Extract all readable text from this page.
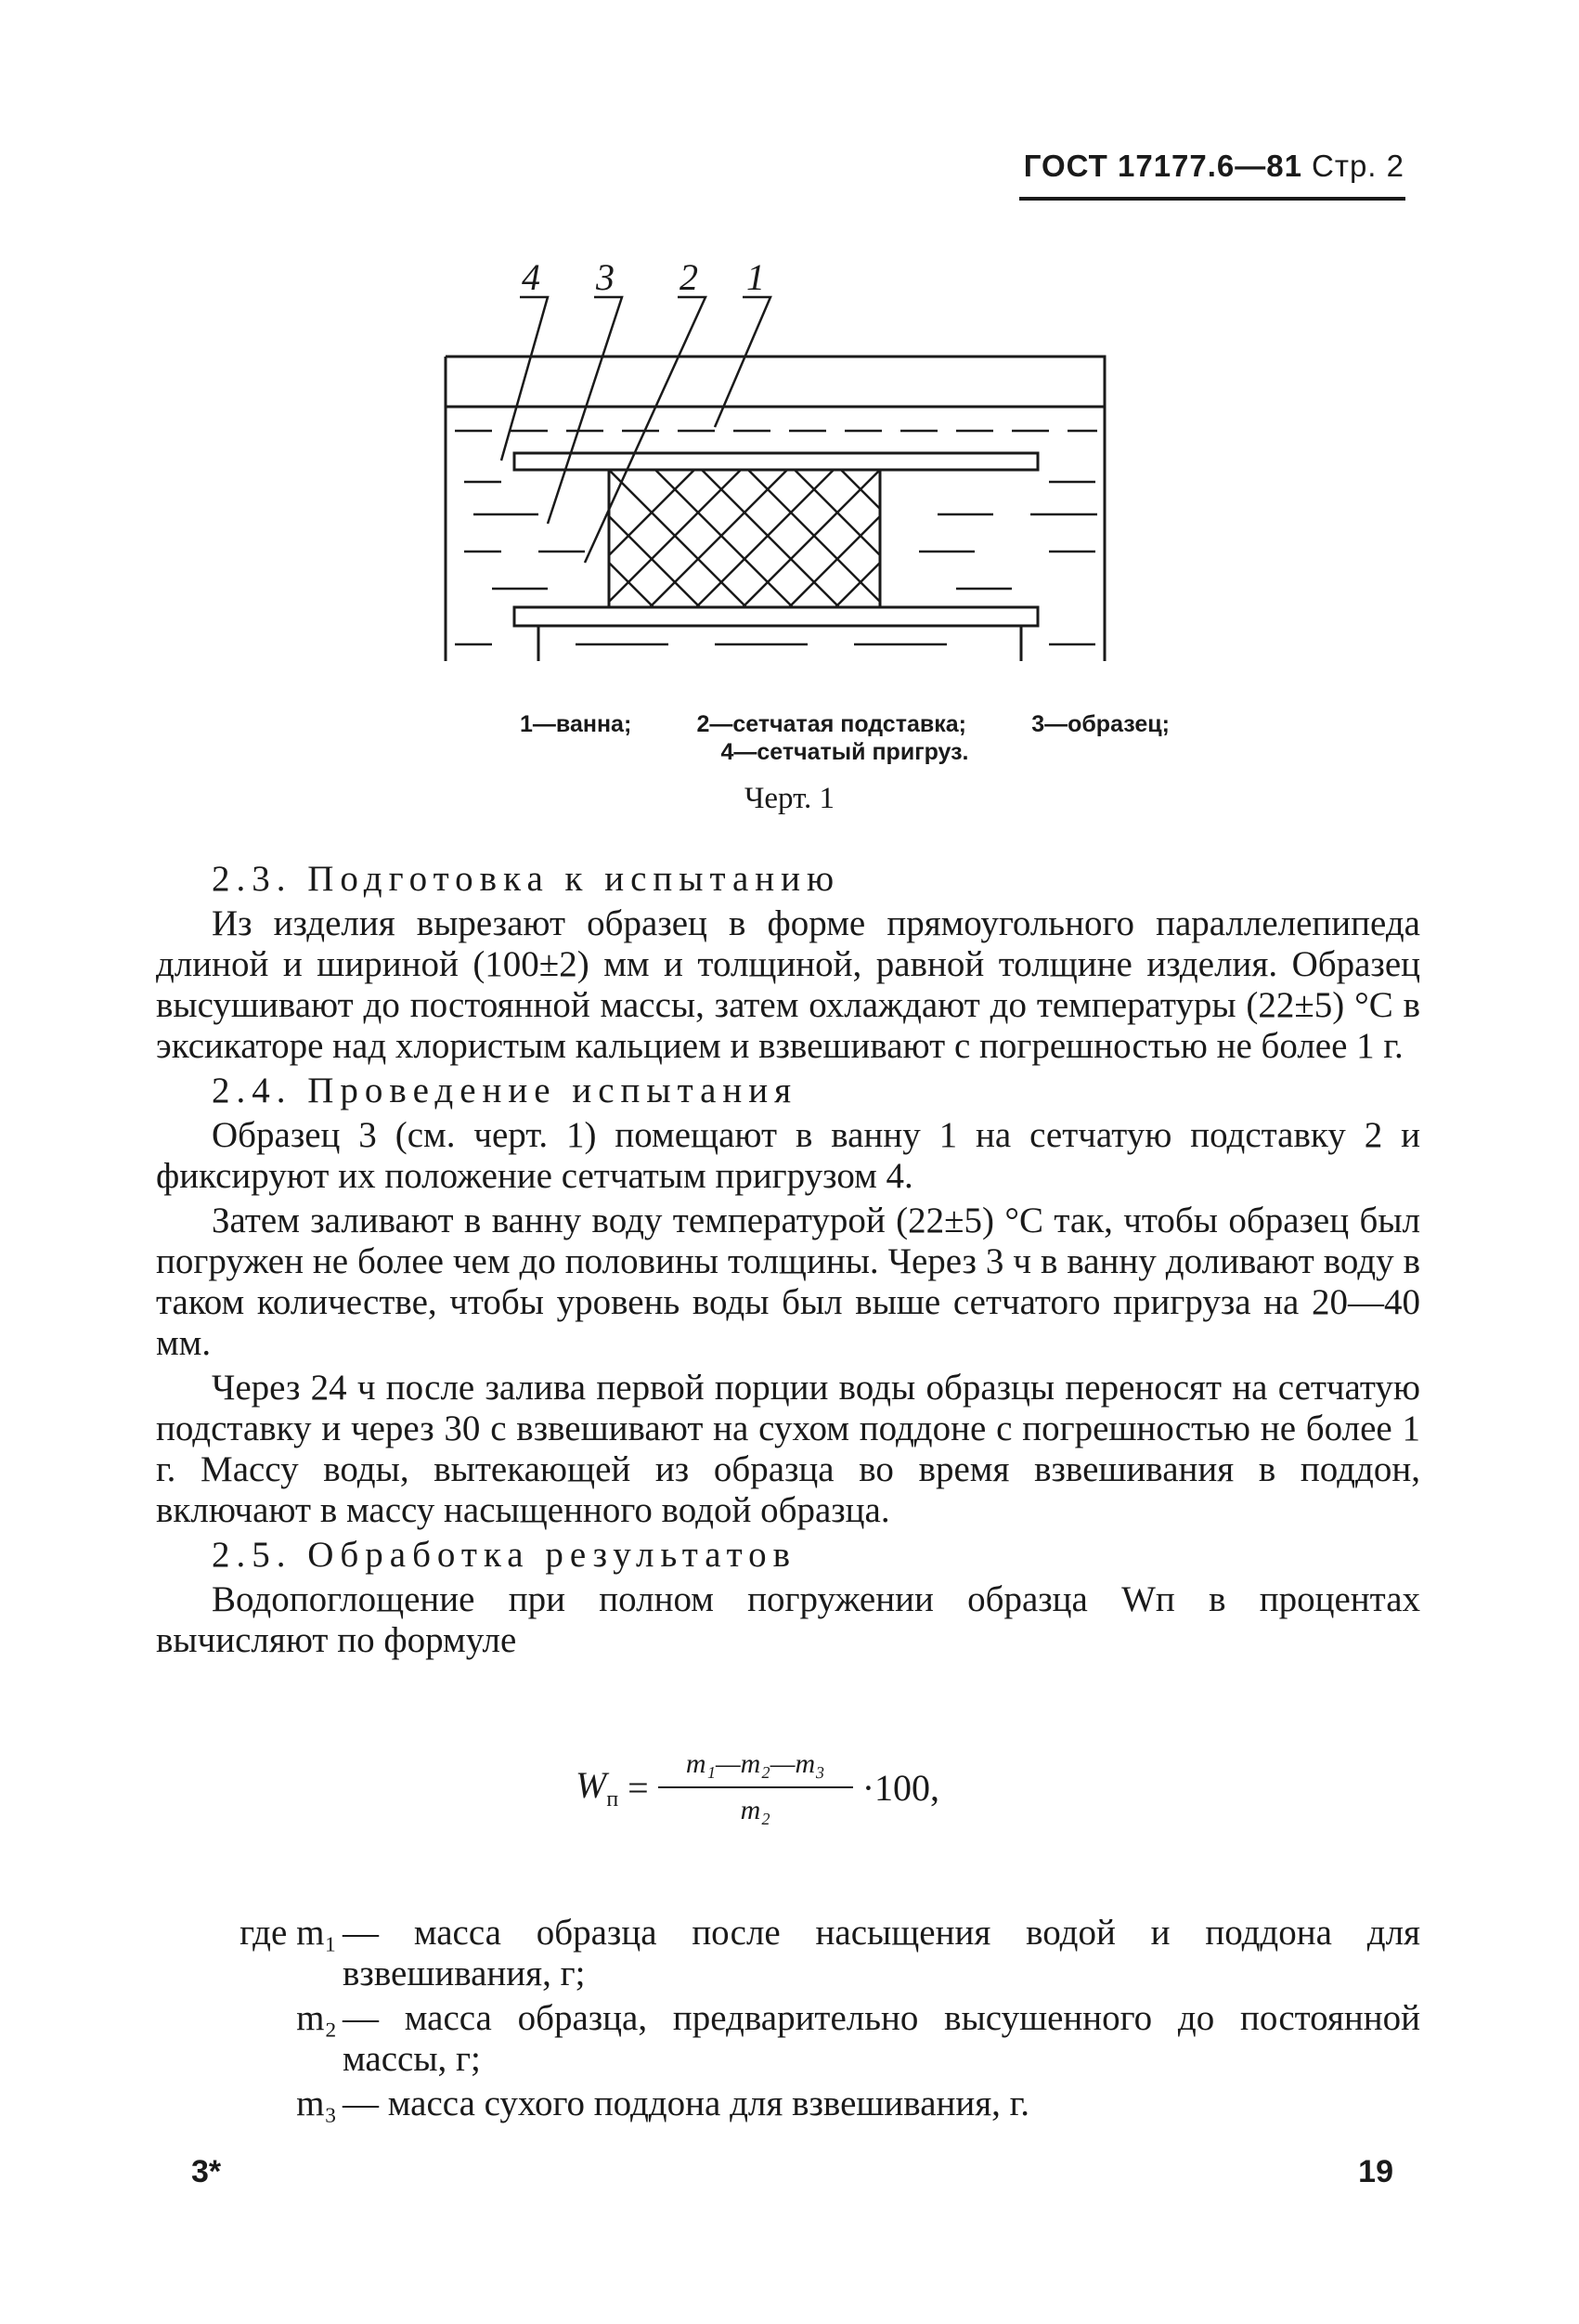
ГОСТ 17177.6—81 Стр. 2
4 3 2 1
1—ванна;	2—сетчатая подставка;	3—образец;
4—сетчатый пригруз.
Черт. 1
2.3. Подготовка к испытанию

Из изделия вырезают образец в форме прямоугольного параллелепипеда длиной и шириной (100±2) мм и толщиной, равной толщине изделия. Образец высушивают до постоянной массы, затем охлаждают до температуры (22±5) °С в эксикаторе над хлористым кальцием и взвешивают с погрешностью не более 1 г.

2.4. Проведение испытания

Образец 3 (см. черт. 1) помещают в ванну 1 на сетчатую подставку 2 и фиксируют их положение сетчатым пригрузом 4.

Затем заливают в ванну воду температурой (22±5) °С так, чтобы образец был погружен не более чем до половины толщины. Через 3 ч в ванну доливают воду в таком количестве, чтобы уровень воды был выше сетчатого пригруза на 20—40 мм.

Через 24 ч после залива первой порции воды образцы переносят на сетчатую подставку и через 30 с взвешивают на сухом поддоне с погрешностью не более 1 г. Массу воды, вытекающей из образца во время взвешивания в поддон, включают в массу насыщенного водой образца.

2.5. Обработка результатов

Водопоглощение при полном погружении образца Wп в процентах вычисляют по формуле

$W_п = \frac{\text{m₁—m₂—m₃}}{\text{m₂}} \cdot 100$,
где m₁ — масса образца после насыщения водой и поддона для взвешивания, г;
m₂ — масса образца, предварительно высушенного до постоянной массы, г;
m₃ — масса сухого поддона для взвешивания, г.
3*	19
